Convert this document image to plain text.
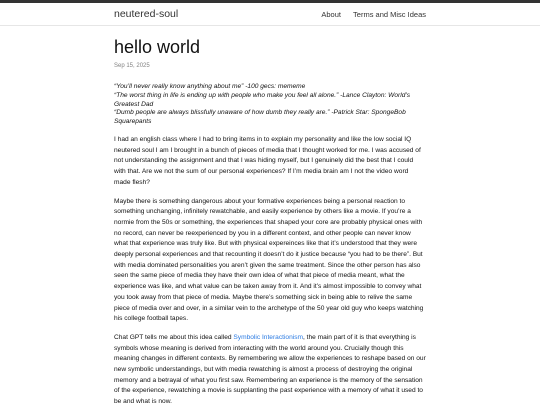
neutered-soul	About Terms and Misc Ideas
hello world
Sep 15, 2025

“You’ll never really know anything about me” -100 gecs: mememe

“The worst thing in life is ending up with people who make you feel all alone.” -Lance Clayton: World’s Greatest Dad

“Dumb people are always blissfully unaware of how dumb they really are.” -Patrick Star: SpongeBob Squarepants

I had an english class where I had to bring items in to explain my personality and like the low social IQ neutered soul I am I brought in a bunch of pieces of media that I thought worked for me. I was accused of not understanding the assignment and that I was hiding myself, but I genuinely did the best that I could with that. Are we not the sum of our personal experiences? If I’m media brain am I not the video word made flesh?

Maybe there is something dangerous about your formative experiences being a personal reaction to something unchanging, infinitely rewatchable, and easily experience by others like a movie. If you’re a normie from the 50s or something, the experiences that shaped your core are probably physical ones with no record, can never be reexperienced by you in a different context, and other people can never know what that experience was truly like. But with physical expereinces like that it’s understood that they were deeply personal experiences and that recounting it doesn’t do it justice because “you had to be there”. But with media dominated personalities you aren’t given the same treatment. Since the other person has also seen the same piece of media they have their own idea of what that piece of media meant, what the experience was like, and what value can be taken away from it. And it’s almost impossible to convey what you took away from that piece of media. Maybe there’s something sick in being able to relive the same piece of media over and over, in a similar vein to the archetype of the 50 year old guy who keeps watching his college football tapes.

Chat GPT tells me about this idea called Symbolic Interactionism, the main part of it is that everything is symbols whose meaning is derived from interacting with the world around you. Crucially though this meaning changes in different contexts. By remembering we allow the experiences to reshape based on our new symbolic understandings, but with media rewatching is almost a process of destroying the original memory and a betrayal of what you first saw. Remembering an experience is the memory of the sensation of the experience, rewatching a movie is supplanting the past experience with a memory of what it used to be and what is now.
